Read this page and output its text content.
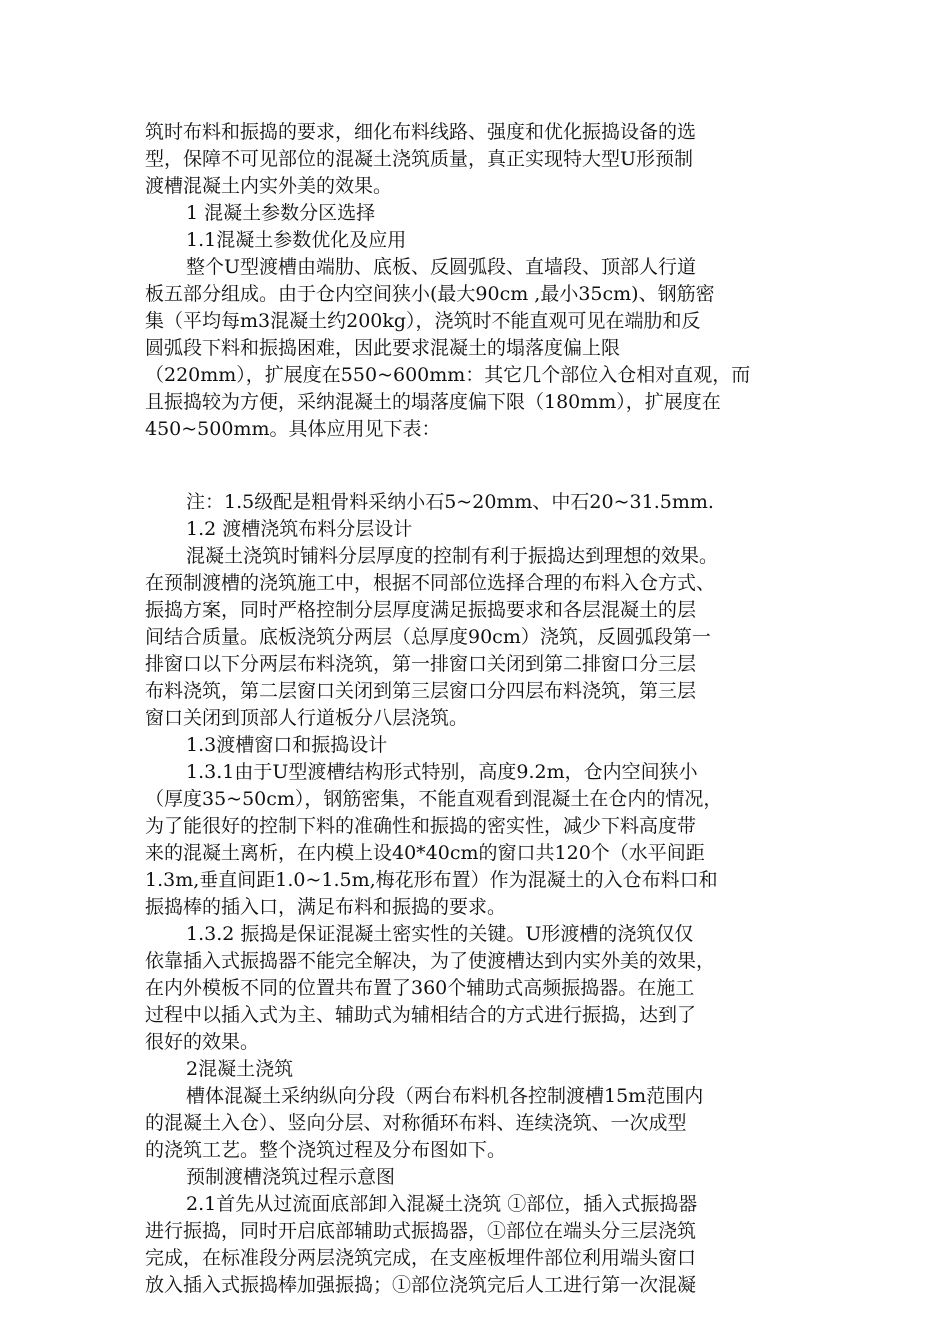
筑时布料和振捣的要求，细化布料线路、强度和优化振捣设备的选
型，保障不可见部位的混凝土浇筑质量，真正实现特大型U形预制
渡槽混凝土内实外美的效果。
1 混凝土参数分区选择
1.1混凝土参数优化及应用
整个U型渡槽由端肋、底板、反圆弧段、直墙段、顶部人行道
板五部分组成。由于仓内空间狭小(最大90cm ,最小35cm)、钢筋密
集（平均每m3混凝土约200kg），浇筑时不能直观可见在端肋和反
圆弧段下料和振捣困难，因此要求混凝土的塌落度偏上限
（220mm），扩展度在550~600mm：其它几个部位入仓相对直观，而
且振捣较为方便，采纳混凝土的塌落度偏下限（180mm），扩展度在
450~500mm。具体应用见下表：
注：1.5级配是粗骨料采纳小石5~20mm、中石20~31.5mm.
1.2 渡槽浇筑布料分层设计
混凝土浇筑时铺料分层厚度的控制有利于振捣达到理想的效果。
在预制渡槽的浇筑施工中，根据不同部位选择合理的布料入仓方式、
振捣方案，同时严格控制分层厚度满足振捣要求和各层混凝土的层
间结合质量。底板浇筑分两层（总厚度90cm）浇筑，反圆弧段第一
排窗口以下分两层布料浇筑，第一排窗口关闭到第二排窗口分三层
布料浇筑，第二层窗口关闭到第三层窗口分四层布料浇筑，第三层
窗口关闭到顶部人行道板分八层浇筑。
1.3渡槽窗口和振捣设计
1.3.1由于U型渡槽结构形式特别，高度9.2m，仓内空间狭小
（厚度35~50cm），钢筋密集，不能直观看到混凝土在仓内的情况，
为了能很好的控制下料的准确性和振捣的密实性，减少下料高度带
来的混凝土离析，在内模上设40*40cm的窗口共120个（水平间距
1.3m,垂直间距1.0~1.5m,梅花形布置）作为混凝土的入仓布料口和
振捣棒的插入口，满足布料和振捣的要求。
1.3.2 振捣是保证混凝土密实性的关键。U形渡槽的浇筑仅仅
依靠插入式振捣器不能完全解决，为了使渡槽达到内实外美的效果，
在内外模板不同的位置共布置了360个辅助式高频振捣器。在施工
过程中以插入式为主、辅助式为辅相结合的方式进行振捣，达到了
很好的效果。
2混凝土浇筑
槽体混凝土采纳纵向分段（两台布料机各控制渡槽15m范围内
的混凝土入仓）、竖向分层、对称循环布料、连续浇筑、一次成型
的浇筑工艺。整个浇筑过程及分布图如下。
预制渡槽浇筑过程示意图
2.1首先从过流面底部卸入混凝土浇筑 ①部位，插入式振捣器
进行振捣，同时开启底部辅助式振捣器，①部位在端头分三层浇筑
完成，在标准段分两层浇筑完成，在支座板埋件部位利用端头窗口
放入插入式振捣棒加强振捣；①部位浇筑完后人工进行第一次混凝
